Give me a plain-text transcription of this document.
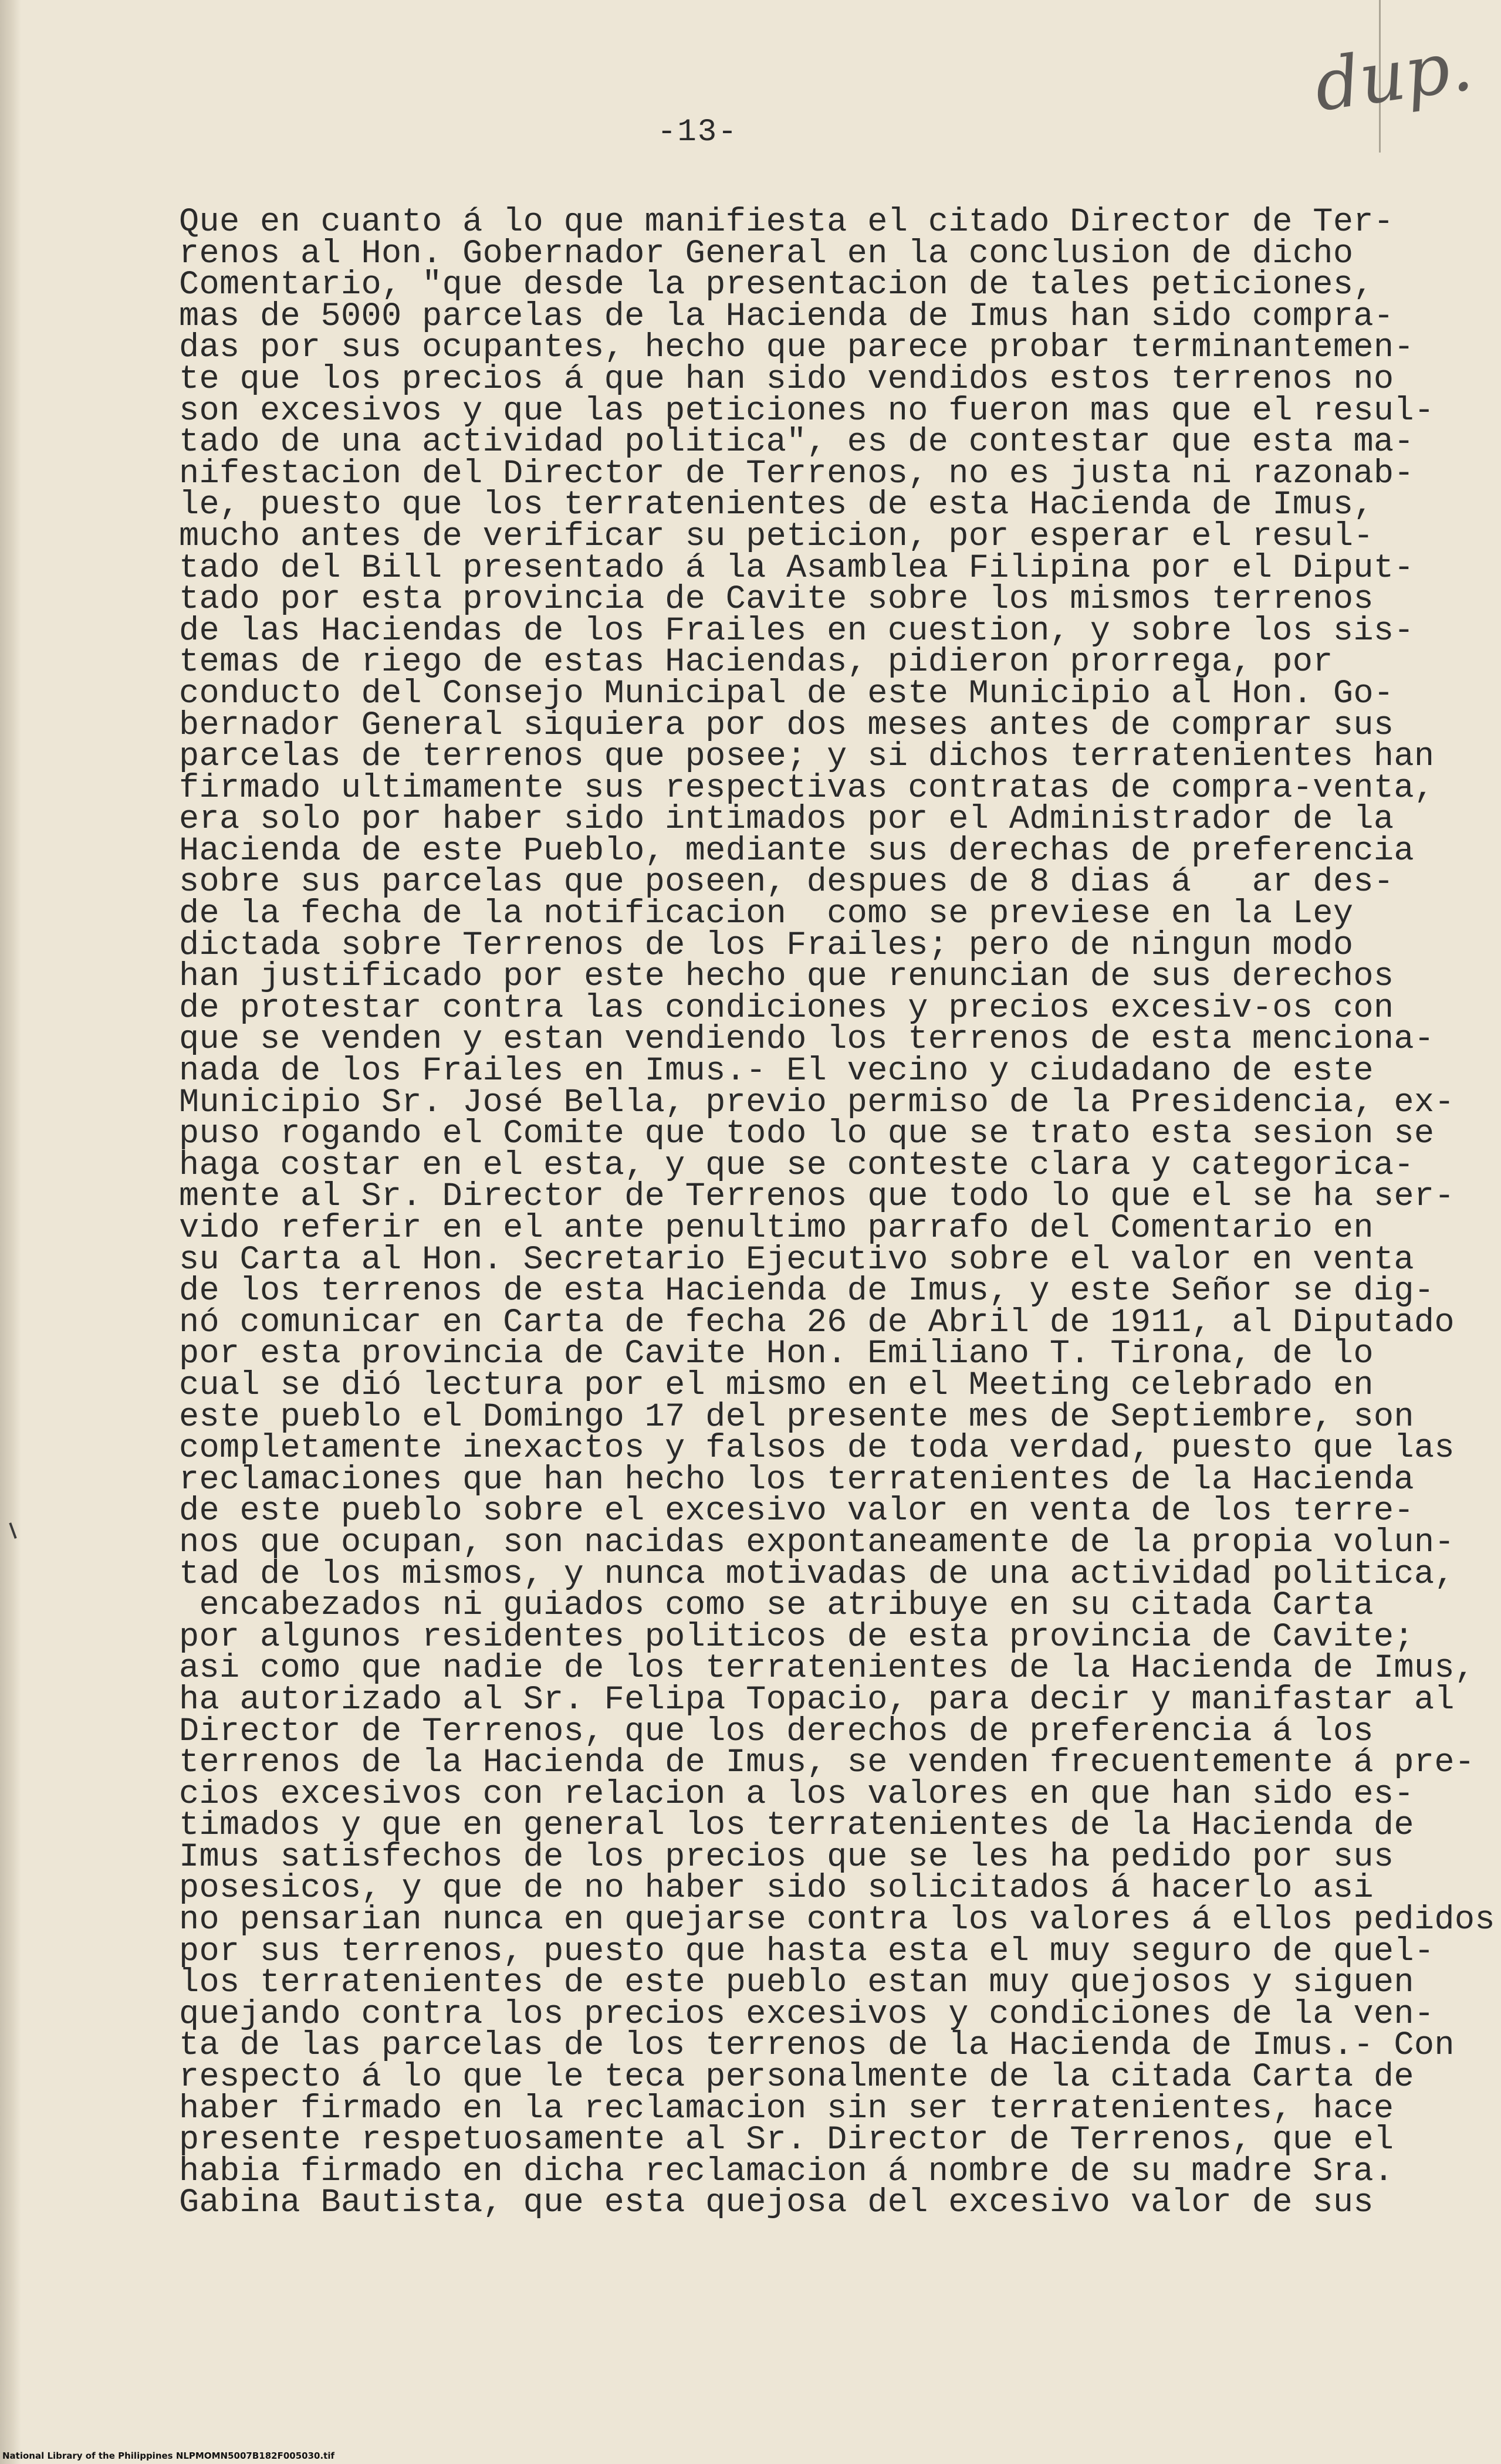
dup.
-13-
Que en cuanto á lo que manifiesta el citado Director de Ter-
renos al Hon. Gobernador General en la conclusion de dicho
Comentario, "que desde la presentacion de tales peticiones,
mas de 5000 parcelas de la Hacienda de Imus han sido compra-
das por sus ocupantes, hecho que parece probar terminantemen-
te que los precios á que han sido vendidos estos terrenos no
son excesivos y que las peticiones no fueron mas que el resul-
tado de una actividad politica", es de contestar que esta ma-
nifestacion del Director de Terrenos, no es justa ni razonab-
le, puesto que los terratenientes de esta Hacienda de Imus,
mucho antes de verificar su peticion, por esperar el resul-
tado del Bill presentado á la Asamblea Filipina por el Diput-
tado por esta provincia de Cavite sobre los mismos terrenos
de las Haciendas de los Frailes en cuestion, y sobre los sis-
temas de riego de estas Haciendas, pidieron prorrega, por
conducto del Consejo Municipal de este Municipio al Hon. Go-
bernador General siquiera por dos meses antes de comprar sus
parcelas de terrenos que posee; y si dichos terratenientes han
firmado ultimamente sus respectivas contratas de compra-venta,
era solo por haber sido intimados por el Administrador de la
Hacienda de este Pueblo, mediante sus derechas de preferencia
sobre sus parcelas que poseen, despues de 8 dias á   ar des-
de la fecha de la notificacion  como se previese en la Ley
dictada sobre Terrenos de los Frailes; pero de ningun modo
han justificado por este hecho que renuncian de sus derechos
de protestar contra las condiciones y precios excesiv-os con
que se venden y estan vendiendo los terrenos de esta menciona-
nada de los Frailes en Imus.- El vecino y ciudadano de este
Municipio Sr. José Bella, previo permiso de la Presidencia, ex-
puso rogando el Comite que todo lo que se trato esta sesion se
haga costar en el esta, y que se conteste clara y categorica-
mente al Sr. Director de Terrenos que todo lo que el se ha ser-
vido referir en el ante penultimo parrafo del Comentario en
su Carta al Hon. Secretario Ejecutivo sobre el valor en venta
de los terrenos de esta Hacienda de Imus, y este Señor se dig-
nó comunicar en Carta de fecha 26 de Abril de 1911, al Diputado
por esta provincia de Cavite Hon. Emiliano T. Tirona, de lo
cual se dió lectura por el mismo en el Meeting celebrado en
este pueblo el Domingo 17 del presente mes de Septiembre, son
completamente inexactos y falsos de toda verdad, puesto que las
reclamaciones que han hecho los terratenientes de la Hacienda
de este pueblo sobre el excesivo valor en venta de los terre-
nos que ocupan, son nacidas expontaneamente de la propia volun-
tad de los mismos, y nunca motivadas de una actividad politica,
encabezados ni guiados como se atribuye en su citada Carta
por algunos residentes politicos de esta provincia de Cavite;
asi como que nadie de los terratenientes de la Hacienda de Imus,
ha autorizado al Sr. Felipa Topacio, para decir y manifastar al
Director de Terrenos, que los derechos de preferencia á los
terrenos de la Hacienda de Imus, se venden frecuentemente á pre-
cios excesivos con relacion a los valores en que han sido es-
timados y que en general los terratenientes de la Hacienda de
Imus satisfechos de los precios que se les ha pedido por sus
posesicos, y que de no haber sido solicitados á hacerlo asi
no pensarian nunca en quejarse contra los valores á ellos pedidos
por sus terrenos, puesto que hasta esta el muy seguro de quel-
los terratenientes de este pueblo estan muy quejosos y siguen
quejando contra los precios excesivos y condiciones de la ven-
ta de las parcelas de los terrenos de la Hacienda de Imus.- Con
respecto á lo que le teca personalmente de la citada Carta de
haber firmado en la reclamacion sin ser terratenientes, hace
presente respetuosamente al Sr. Director de Terrenos, que el
habia firmado en dicha reclamacion á nombre de su madre Sra.
Gabina Bautista, que esta quejosa del excesivo valor de sus
National Library of the Philippines NLPMOMN5007B182F005030.tif
